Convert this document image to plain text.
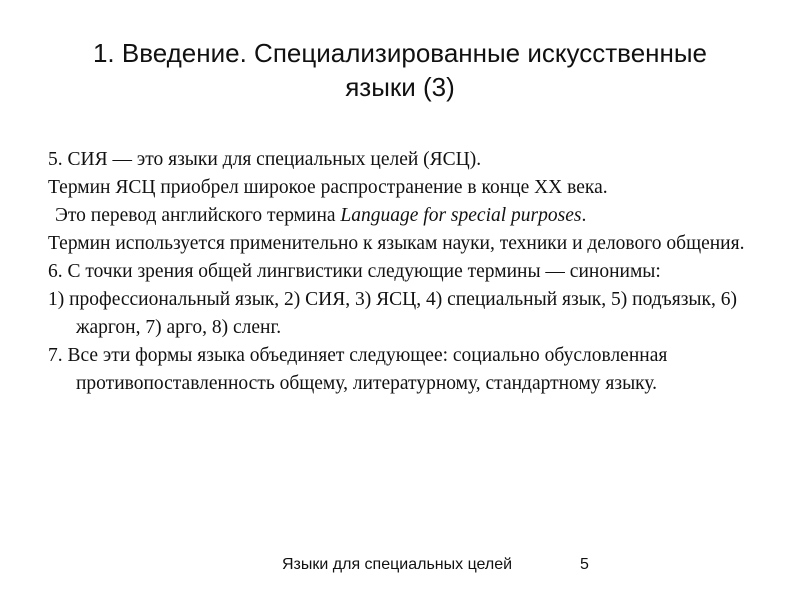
1. Введение. Специализированные искусственные
языки (3)

5. СИЯ — это языки для специальных целей (ЯСЦ).

Термин ЯСЦ приобрел широкое распространение в конце XX века.

Это перевод английского термина Language for special purposes.

Термин используется применительно к языкам науки, техники и делового общения.

6. С точки зрения общей лингвистики следующие термины — синонимы:

1) профессиональный язык, 2) СИЯ, 3) ЯСЦ, 4) специальный язык, 5) подъязык, 6) жаргон, 7) арго, 8) сленг.

7. Все эти формы языка объединяет следующее: социально обусловленная противопоставленность общему, литературному, стандартному языку.

Языки для специальных целей	5
